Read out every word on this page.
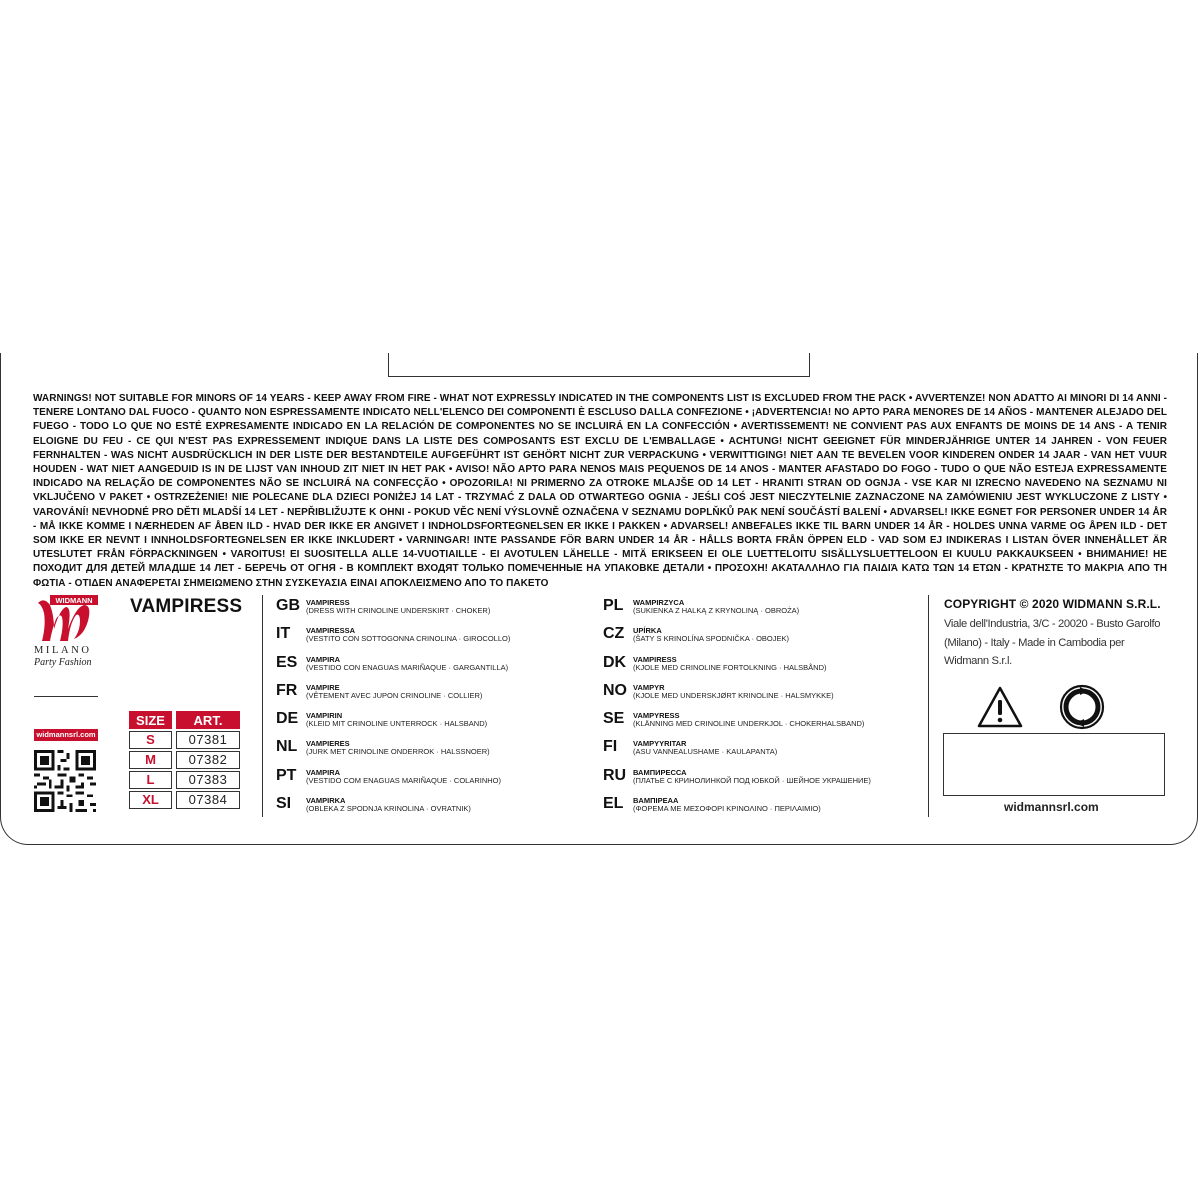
WARNINGS! NOT SUITABLE FOR MINORS OF 14 YEARS - KEEP AWAY FROM FIRE - WHAT NOT EXPRESSLY INDICATED IN THE COMPONENTS LIST IS EXCLUDED FROM THE PACK • AVVERTENZE! NON ADATTO AI MINORI DI 14 ANNI - TENERE LONTANO DAL FUOCO - QUANTO NON ESPRESSAMENTE INDICATO NELL'ELENCO DEI COMPONENTI È ESCLUSO DALLA CONFEZIONE • ¡ADVERTENCIA! NO APTO PARA MENORES DE 14 AÑOS - MANTENER ALEJADO DEL FUEGO - TODO LO QUE NO ESTÉ EXPRESAMENTE INDICADO EN LA RELACIÓN DE COMPONENTES NO SE INCLUIRÁ EN LA CONFECCIÓN • AVERTISSEMENT! NE CONVIENT PAS AUX ENFANTS DE MOINS DE 14 ANS - A TENIR ELOIGNE DU FEU - CE QUI N'EST PAS EXPRESSEMENT INDIQUE DANS LA LISTE DES COMPOSANTS EST EXCLU DE L'EMBALLAGE • ACHTUNG! NICHT GEEIGNET FÜR MINDERJÄHRIGE UNTER 14 JAHREN - VON FEUER FERNHALTEN - WAS NICHT AUSDRÜCKLICH IN DER LISTE DER BESTANDTEILE AUFGEFÜHRT IST GEHÖRT NICHT ZUR VERPACKUNG • VERWITTIGING! NIET AAN TE BEVELEN VOOR KINDEREN ONDER 14 JAAR - VAN HET VUUR HOUDEN - WAT NIET AANGEDUID IS IN DE LIJST VAN INHOUD ZIT NIET IN HET PAK • AVISO! NÃO APTO PARA NENOS MAIS PEQUENOS DE 14 ANOS - MANTER AFASTADO DO FOGO - TUDO O QUE NÃO ESTEJA EXPRESSAMENTE INDICADO NA RELAÇÃO DE COMPONENTES NÃO SE INCLUIRÁ NA CONFECÇÃO • OPOZORILA! NI PRIMERNO ZA OTROKE MLAJŠE OD 14 LET - HRANITI STRAN OD OGNJA - VSE KAR NI IZRECNO NAVEDENO NA SEZNAMU NI VKLJUČENO V PAKET • OSTRZEŻENIE! NIE POLECANE DLA DZIECI PONIŻEJ 14 LAT - TRZYMAĆ Z DALA OD OTWARTEGO OGNIA - JEŚLI COŚ JEST NIECZYTELNIE ZAZNACZONE NA ZAMÓWIENIU JEST WYKLUCZONE Z LISTY • VAROVÁNÍ! NEVHODNÉ PRO DĚTI MLADŠÍ 14 LET - NEPŘIBLIŽUJTE K OHNI - POKUD VĚC NENÍ VÝSLOVNĚ OZNAČENA V SEZNAMU DOPLŇKŮ PAK NENÍ SOUČÁSTÍ BALENÍ • ADVARSEL! IKKE EGNET FOR PERSONER UNDER 14 ÅR - MÅ IKKE KOMME I NÆRHEDEN AF ÅBEN ILD - HVAD DER IKKE ER ANGIVET I INDHOLDSFORTEGNELSEN ER IKKE I PAKKEN • ADVARSEL! ANBEFALES IKKE TIL BARN UNDER 14 ÅR - HOLDES UNNA VARME OG ÅPEN ILD - DET SOM IKKE ER NEVNT I INNHOLDSFORTEGNELSEN ER IKKE INKLUDERT • VARNINGAR! INTE PASSANDE FÖR BARN UNDER 14 ÅR - HÅLLS BORTA FRÅN ÖPPEN ELD - VAD SOM EJ INDIKERAS I LISTAN ÖVER INNEHÅLLET ÄR UTESLUTET FRÅN FÖRPACKNINGEN • VAROITUS! EI SUOSITELLA ALLE 14-VUOTIAILLE - EI AVOTULEN LÄHELLE - MITÄ ERIKSEEN EI OLE LUETTELOITU SISÄLLYSLUETTELOON EI KUULU PAKKAUKSEEN • ВНИМАНИЕ! НЕ ПОХОДИТ ДЛЯ ДЕТЕЙ МЛАДШЕ 14 ЛЕТ - БЕРЕЧЬ ОТ ОГНЯ - В КОМПЛЕКТ ВХОДЯТ ТОЛЬКО ПОМЕЧЕННЫЕ НА УПАКОВКЕ ДЕТАЛИ • ΠΡΟΣΟΧΗ! ΑΚΑΤΑΛΛΗΛΟ ΓΙΑ ΠΑΙΔΙΆ ΚΑΤΩ ΤΩΝ 14 ΕΤΩΝ - ΚΡΑΤΗΣΤΕ ΤΟ ΜΑΚΡΙΑ ΑΠΟ ΤΗ ΦΩΤΙΑ - ΟΤΙΔΕΝ ΑΝΑΦΕΡΕΤΑΙ ΣΗΜΕΙΩΜΕΝΟ ΣΤΗΝ ΣΥΣΚΕΥΑΣΙΑ ΕΙΝΑΙ ΑΠΟΚΛΕΙΣΜΕΝΟ ΑΠΟ ΤΟ ΠΑΚΕΤΟ
WIDMANN ®
MILANO
Party Fashion
widmannsrl.com
VAMPIRESS
SIZE	ART.
S	07381
M	07382
L	07383
XL	07384
GB VAMPIRESS
(DRESS WITH CRINOLINE UNDERSKIRT · CHOKER)
IT VAMPIRESSA
(VESTITO CON SOTTOGONNA CRINOLINA · GIROCOLLO)
ES VAMPIRA
(VESTIDO CON ENAGUAS MARIÑAQUE · GARGANTILLA)
FR VAMPIRE
(VÊTEMENT AVEC JUPON CRINOLINE · COLLIER)
DE VAMPIRIN
(KLEID MIT CRINOLINE UNTERROCK · HALSBAND)
NL VAMPIERES
(JURK MET CRINOLINE ONDERROK · HALSSNOER)
PT VAMPIRA
(VESTIDO COM ENAGUAS MARIÑAQUE · COLARINHO)
SI VAMPIRKA
(OBLEKA Z SPODNJA KRINOLINA · OVRATNIK)
PL WAMPIRZYCA
(SUKIENKA Z HALKĄ Z KRYNOLINĄ · OBROŻA)
CZ UPÍRKA
(ŠATY S KRINOLÍNA SPODNIČKA · OBOJEK)
DK VAMPIRESS
(KJOLE MED CRINOLINE FORTOLKNING · HALSBÅND)
NO VAMPYR
(KJOLE MED UNDERSKJØRT KRINOLINE · HALSMYKKE)
SE VAMPYRESS
(KLÄNNING MED CRINOLINE UNDERKJOL · CHOKERHALSBAND)
FI VAMPYYRITAR
(ASU VANNEALUSHAME · KAULAPANTA)
RU ВАМПИРЕССА
(ПЛАТЬЕ С КРИНОЛИНКОЙ ПОД ЮБКОЙ · ШЕЙНОЕ УКРАШЕНИЕ)
EL ΒΑΜΠΙΡΕΑΑ
(ΦΟΡΕΜΑ ΜΕ ΜΕΣΟΦΟΡΙ ΚΡΙΝΟΛΙΝΟ · ΠΕΡΙΛΑΙΜΙΟ)
COPYRIGHT © 2020 WIDMANN S.R.L.
Viale dell'Industria, 3/C - 20020 - Busto Garolfo (Milano) - Italy - Made in Cambodia per Widmann S.r.l.
widmannsrl.com
